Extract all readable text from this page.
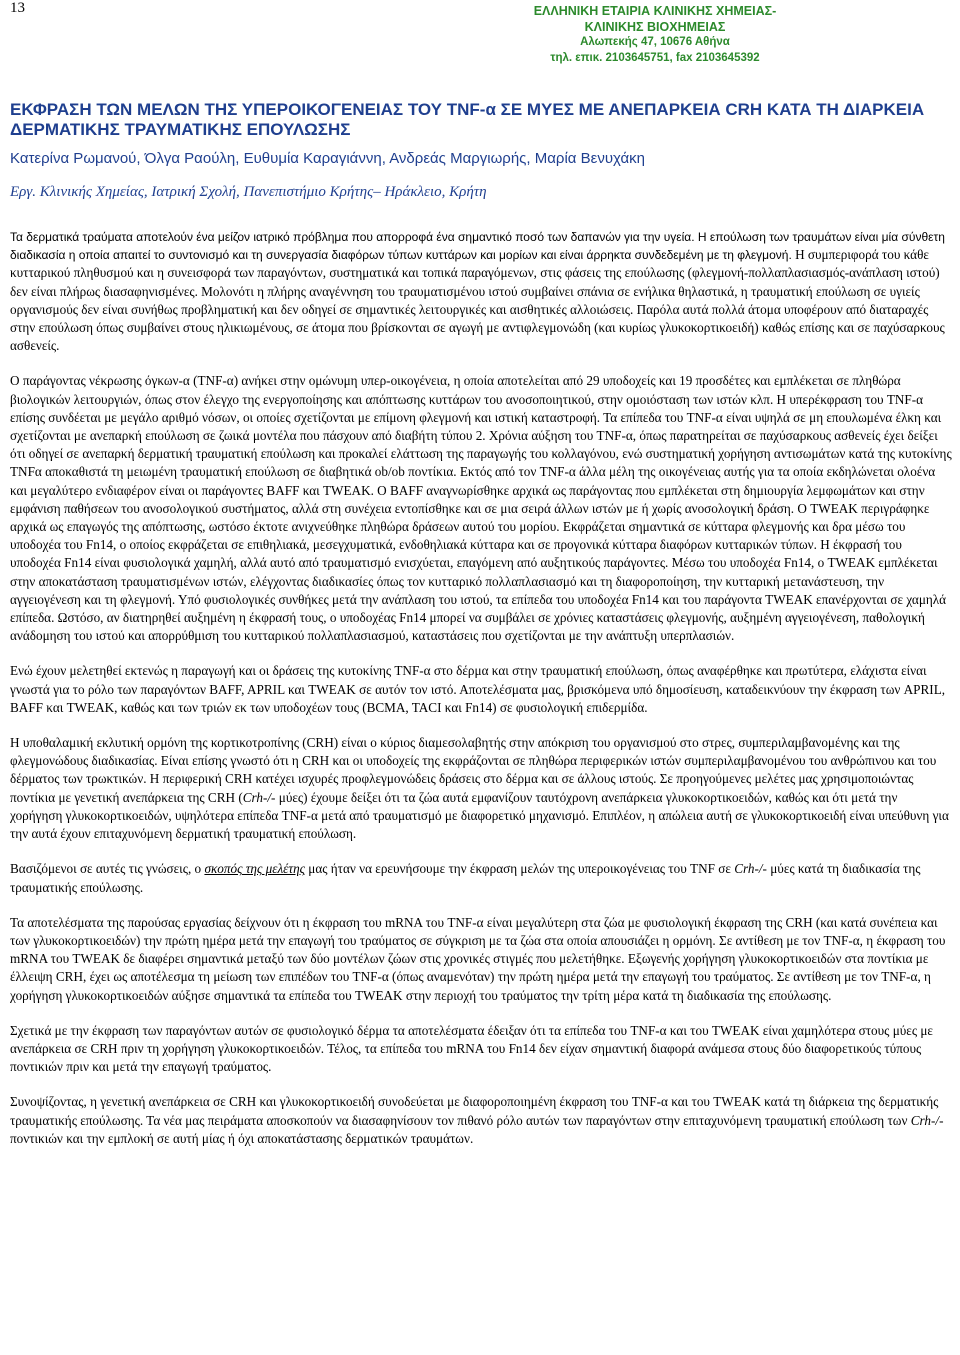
13	ΕΛΛΗΝΙΚΗ ΕΤΑΙΡΙΑ ΚΛΙΝΙΚΗΣ ΧΗΜΕΙΑΣ-
ΚΛΙΝΙΚΗΣ ΒΙΟΧΗΜΕΙΑΣ
Αλωπεκής 47, 10676 Αθήνα
τηλ. επικ. 2103645751, fax 2103645392
ΕΚΦΡΑΣΗ ΤΩΝ ΜΕΛΩΝ ΤΗΣ ΥΠΕΡΟΙΚΟΓΕΝΕΙΑΣ ΤΟΥ TNF-α ΣΕ ΜΥΕΣ ΜΕ ΑΝΕΠΑΡΚΕΙΑ CRH ΚΑΤΑ ΤΗ ΔΙΑΡΚΕΙΑ ΔΕΡΜΑΤΙΚΗΣ ΤΡΑΥΜΑΤΙΚΗΣ ΕΠΟΥΛΩΣΗΣ
Κατερίνα Ρωμανού, Όλγα Ραούλη, Ευθυμία Καραγιάννη, Ανδρεάς Μαργιωρής, Μαρία Βενυχάκη
Εργ. Κλινικής Χημείας, Ιατρική Σχολή, Πανεπιστήμιο Κρήτης– Ηράκλειο, Κρήτη

Τα δερματικά τραύματα αποτελούν ένα μείζον ιατρικό πρόβλημα που απορροφά ένα σημαντικό ποσό των δαπανών για την υγεία. Η επούλωση των τραυμάτων είναι μία σύνθετη διαδικασία η οποία απαιτεί το συντονισμό και τη συνεργασία διαφόρων τύπων κυττάρων και μορίων και είναι άρρηκτα συνδεδεμένη με τη φλεγμονή. Η συμπεριφορά του κάθε κυτταρικού πληθυσμού και η συνεισφορά των παραγόντων, συστηματικά και τοπικά παραγόμενων, στις φάσεις της επούλωσης (φλεγμονή-πολλαπλασιασμός-ανάπλαση ιστού) δεν είναι πλήρως διασαφηνισμένες. Μολονότι η πλήρης αναγέννηση του τραυματισμένου ιστού συμβαίνει σπάνια σε ενήλικα θηλαστικά, η τραυματική επούλωση σε υγιείς οργανισμούς δεν είναι συνήθως προβληματική και δεν οδηγεί σε σημαντικές λειτουργικές και αισθητικές αλλοιώσεις. Παρόλα αυτά πολλά άτομα υποφέρουν από διαταραχές στην επούλωση όπως συμβαίνει στους ηλικιωμένους, σε άτομα που βρίσκονται σε αγωγή με αντιφλεγμονώδη (και κυρίως γλυκοκορτικοειδή) καθώς επίσης και σε παχύσαρκους ασθενείς.

Ο παράγοντας νέκρωσης όγκων-α (TNF-α) ανήκει στην ομώνυμη υπερ-οικογένεια, η οποία αποτελείται από 29 υποδοχείς και 19 προσδέτες και εμπλέκεται σε πληθώρα βιολογικών λειτουργιών, όπως στον έλεγχο της ενεργοποίησης και απόπτωσης κυττάρων του ανοσοποιητικού, στην ομοιόσταση των ιστών κλπ. Η υπερέκφραση του TNF-α επίσης συνδέεται με μεγάλο αριθμό νόσων, οι οποίες σχετίζονται με επίμονη φλεγμονή και ιστική καταστροφή. Τα επίπεδα του TNF-α είναι υψηλά σε μη επουλωμένα έλκη και σχετίζονται με ανεπαρκή επούλωση σε ζωικά μοντέλα που πάσχουν από διαβήτη τύπου 2. Χρόνια αύξηση του TNF-α, όπως παρατηρείται σε παχύσαρκους ασθενείς έχει δείξει ότι οδηγεί σε ανεπαρκή δερματική τραυματική επούλωση και προκαλεί ελάττωση της παραγωγής του κολλαγόνου, ενώ συστηματική χορήγηση αντισωμάτων κατά της κυτοκίνης TNFα αποκαθιστά τη μειωμένη τραυματική επούλωση σε διαβητικά ob/ob ποντίκια. Εκτός από τον TNF-α άλλα μέλη της οικογένειας αυτής για τα οποία εκδηλώνεται ολοένα και μεγαλύτερο ενδιαφέρον είναι οι παράγοντες BAFF και TWEAK. Ο BAFF αναγνωρίσθηκε αρχικά ως παράγοντας που εμπλέκεται στη δημιουργία λεμφωμάτων και στην εμφάνιση παθήσεων του ανοσολογικού συστήματος, αλλά στη συνέχεια εντοπίσθηκε και σε μια σειρά άλλων ιστών με ή χωρίς ανοσολογική δράση. Ο TWEAK περιγράφηκε αρχικά ως επαγωγός της απόπτωσης, ωστόσο έκτοτε ανιχνεύθηκε πληθώρα δράσεων αυτού του μορίου. Εκφράζεται σημαντικά σε κύτταρα φλεγμονής και δρα μέσω του υποδοχέα του Fn14, ο οποίος εκφράζεται σε επιθηλιακά, μεσεγχυματικά, ενδοθηλιακά κύτταρα και σε προγονικά κύτταρα διαφόρων κυτταρικών τύπων. Η έκφρασή του υποδοχέα Fn14 είναι φυσιολογικά χαμηλή, αλλά αυτό από τραυματισμό ενισχύεται, επαγόμενη από αυξητικούς παράγοντες. Μέσω του υποδοχέα Fn14, ο TWEAK εμπλέκεται στην αποκατάσταση τραυματισμένων ιστών, ελέγχοντας διαδικασίες όπως τον κυτταρικό πολλαπλασιασμό και τη διαφοροποίηση, την κυτταρική μετανάστευση, την αγγειογένεση και τη φλεγμονή. Υπό φυσιολογικές συνθήκες μετά την ανάπλαση του ιστού, τα επίπεδα του υποδοχέα Fn14 και του παράγοντα TWEAK επανέρχονται σε χαμηλά επίπεδα. Ωστόσο, αν διατηρηθεί αυξημένη η έκφρασή τους, ο υποδοχέας Fn14 μπορεί να συμβάλει σε χρόνιες καταστάσεις φλεγμονής, αυξημένη αγγειογένεση, παθολογική ανάδομηση του ιστού και απορρύθμιση του κυτταρικού πολλαπλασιασμού, καταστάσεις που σχετίζονται με την ανάπτυξη υπερπλασιών.

Ενώ έχουν μελετηθεί εκτενώς η παραγωγή και οι δράσεις της κυτοκίνης TNF-α στο δέρμα και στην τραυματική επούλωση, όπως αναφέρθηκε και πρωτύτερα, ελάχιστα είναι γνωστά για το ρόλο των παραγόντων BAFF, APRIL και TWEAK σε αυτόν τον ιστό. Αποτελέσματα μας, βρισκόμενα υπό δημοσίευση, καταδεικνύουν την έκφραση των APRIL, BAFF και TWEAK, καθώς και των τριών εκ των υποδοχέων τους (BCMA, TACI και Fn14) σε φυσιολογική επιδερμίδα.

Η υποθαλαμική εκλυτική ορμόνη της κορτικοτροπίνης (CRH) είναι ο κύριος διαμεσολαβητής στην απόκριση του οργανισμού στο στρες, συμπεριλαμβανομένης και της φλεγμονώδους διαδικασίας. Είναι επίσης γνωστό ότι η CRH και οι υποδοχείς της εκφράζονται σε πληθώρα περιφερικών ιστών συμπεριλαμβανομένου του ανθρώπινου και του δέρματος των τρωκτικών. Η περιφερική CRH κατέχει ισχυρές προφλεγμονώδεις δράσεις στο δέρμα και σε άλλους ιστούς. Σε προηγούμενες μελέτες μας χρησιμοποιώντας ποντίκια με γενετική ανεπάρκεια της CRH (Crh-/- μύες) έχουμε δείξει ότι τα ζώα αυτά εμφανίζουν ταυτόχρονη ανεπάρκεια γλυκοκορτικοειδών, καθώς και ότι μετά την χορήγηση γλυκοκορτικοειδών, υψηλότερα επίπεδα TNF-α μετά από τραυματισμό με διαφορετικό μηχανισμό. Επιπλέον, η απώλεια αυτή σε γλυκοκορτικοειδή είναι υπεύθυνη για την αυτά έχουν επιταχυνόμενη δερματική τραυματική επούλωση.

Βασιζόμενοι σε αυτές τις γνώσεις, ο σκοπός της μελέτης μας ήταν να ερευνήσουμε την έκφραση μελών της υπεροικογένειας του TNF σε Crh-/- μύες κατά τη διαδικασία της τραυματικής επούλωσης.

Τα αποτελέσματα της παρούσας εργασίας δείχνουν ότι η έκφραση του mRNA του TNF-α είναι μεγαλύτερη στα ζώα με φυσιολογική έκφραση της CRH (και κατά συνέπεια και των γλυκοκορτικοειδών) την πρώτη ημέρα μετά την επαγωγή του τραύματος σε σύγκριση με τα ζώα στα οποία απουσιάζει η ορμόνη. Σε αντίθεση με τον TNF-α, η έκφραση του mRNA του TWEAK δε διαφέρει σημαντικά μεταξύ των δύο μοντέλων ζώων στις χρονικές στιγμές που μελετήθηκε. Εξωγενής χορήγηση γλυκοκορτικοειδών στα ποντίκια με έλλειψη CRH, έχει ως αποτέλεσμα τη μείωση των επιπέδων του TNF-α (όπως αναμενόταν) την πρώτη ημέρα μετά την επαγωγή του τραύματος. Σε αντίθεση με τον TNF-α, η χορήγηση γλυκοκορτικοειδών αύξησε σημαντικά τα επίπεδα του TWEAK στην περιοχή του τραύματος την τρίτη μέρα κατά τη διαδικασία της επούλωσης.

Σχετικά με την έκφραση των παραγόντων αυτών σε φυσιολογικό δέρμα τα αποτελέσματα έδειξαν ότι τα επίπεδα του TNF-α και του TWEAK είναι χαμηλότερα στους μύες με ανεπάρκεια σε CRH πριν τη χορήγηση γλυκοκορτικοειδών. Τέλος, τα επίπεδα του mRNA του Fn14 δεν είχαν σημαντική διαφορά ανάμεσα στους δύο διαφορετικούς τύπους ποντικιών πριν και μετά την επαγωγή τραύματος.

Συνοψίζοντας, η γενετική ανεπάρκεια σε CRH και γλυκοκορτικοειδή συνοδεύεται με διαφοροποιημένη έκφραση του TNF-α και του TWEAK κατά τη διάρκεια της δερματικής τραυματικής επούλωσης. Τα νέα μας πειράματα αποσκοπούν να διασαφηνίσουν τον πιθανό ρόλο αυτών των παραγόντων στην επιταχυνόμενη τραυματική επούλωση των Crh-/- ποντικιών και την εμπλοκή σε αυτή μίας ή όχι αποκατάστασης δερματικών τραυμάτων.
